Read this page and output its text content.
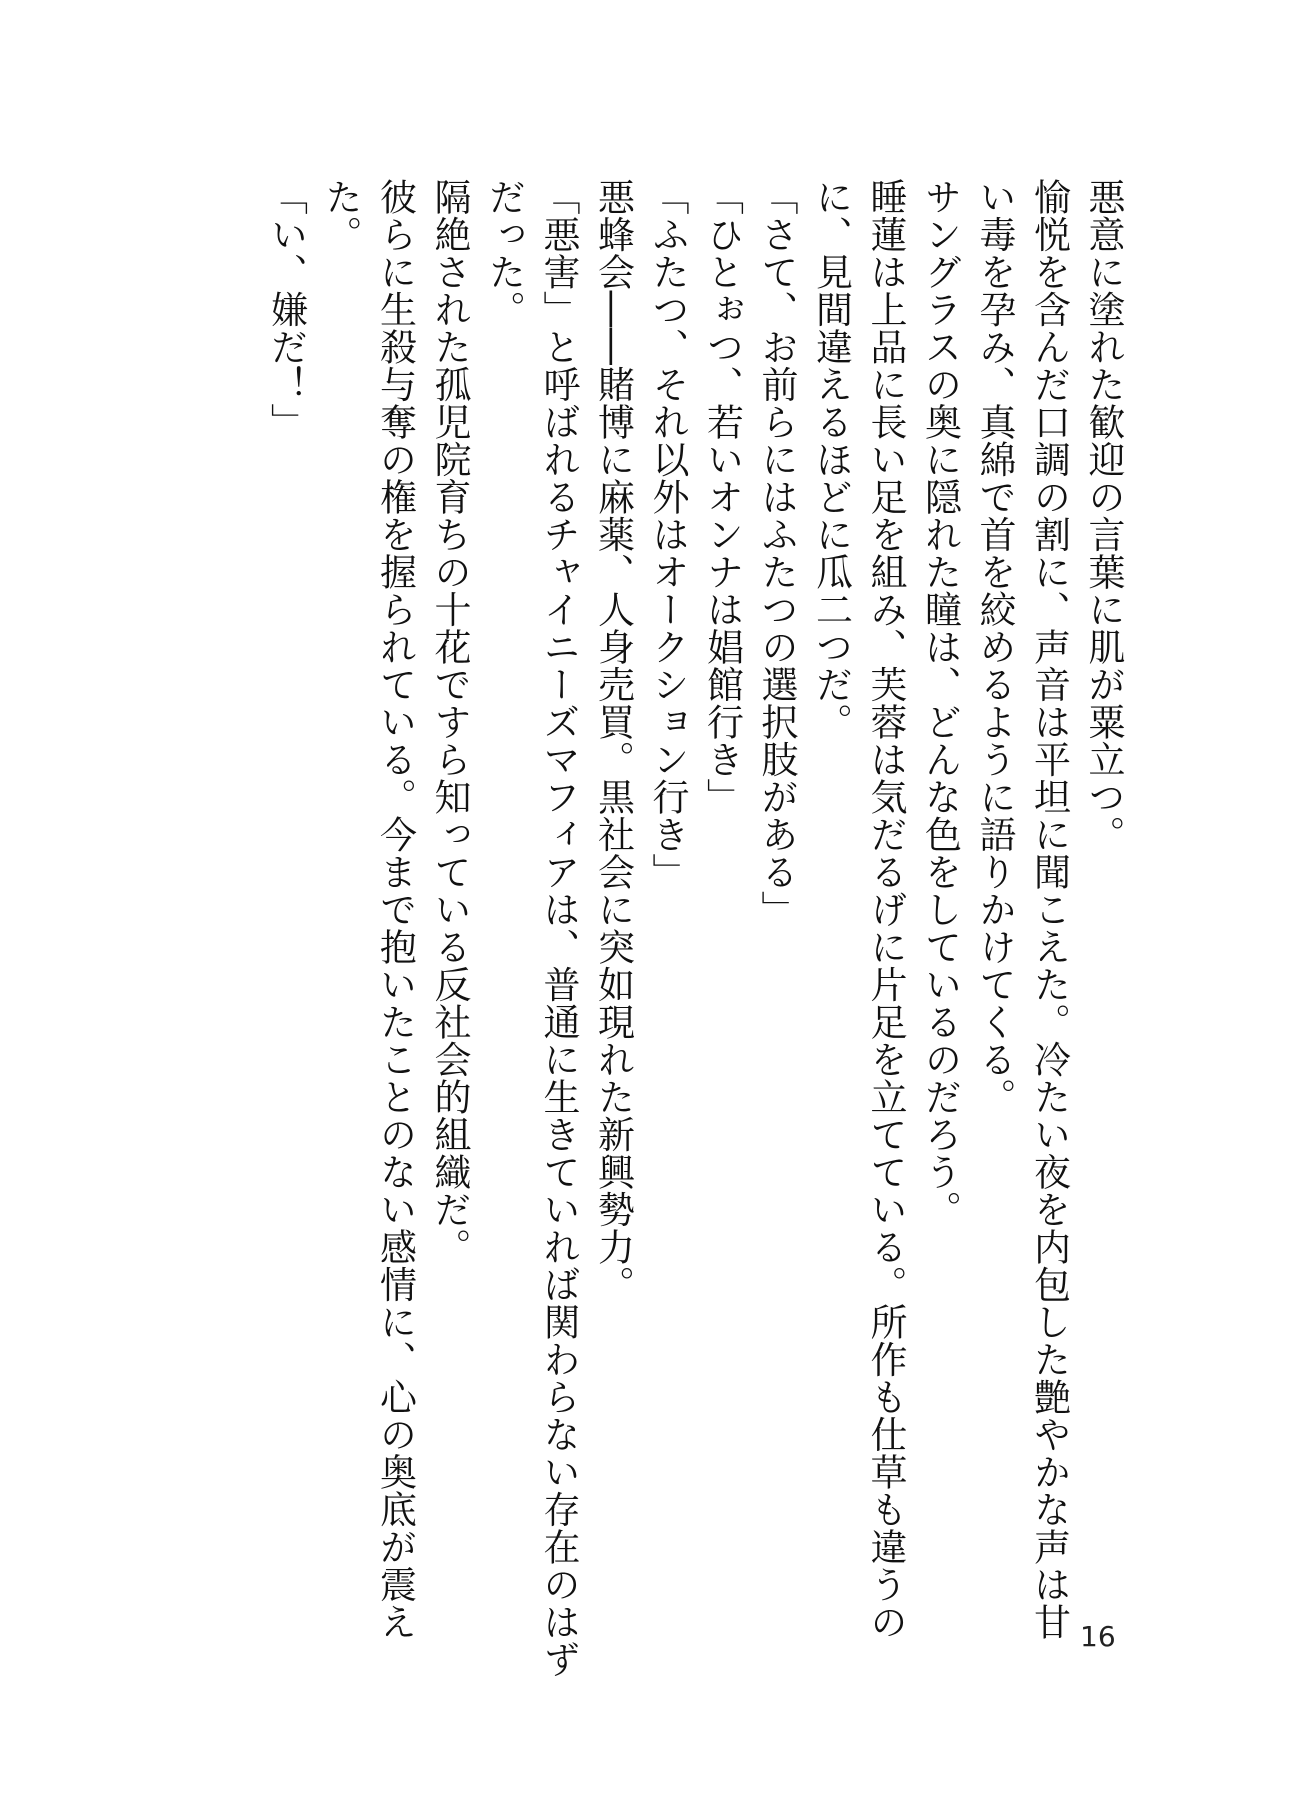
悪意に塗れた歓迎の言葉に肌が粟立つ。

愉悦を含んだ口調の割に、声音は平坦に聞こえた。冷たい夜を内包した艶やかな声は甘

い毒を孕み、真綿で首を絞めるように語りかけてくる。

サングラスの奥に隠れた瞳は、どんな色をしているのだろう。

睡蓮は上品に長い足を組み、芙蓉は気だるげに片足を立てている。所作も仕草も違うの

に、見間違えるほどに瓜二つだ。

「さて、お前らにはふたつの選択肢がある」

「ひとぉつ、若いオンナは娼館行き」

「ふたつ、それ以外はオークション行き」

悪蜂会――賭博に麻薬、人身売買。黒社会に突如現れた新興勢力。

「悪害」と呼ばれるチャイニーズマフィアは、普通に生きていれば関わらない存在のはず

だった。

隔絶された孤児院育ちの十花ですら知っている反社会的組織だ。

彼らに生殺与奪の権を握られている。今まで抱いたことのない感情に、心の奥底が震え

た。

「い、嫌だ！」

16
